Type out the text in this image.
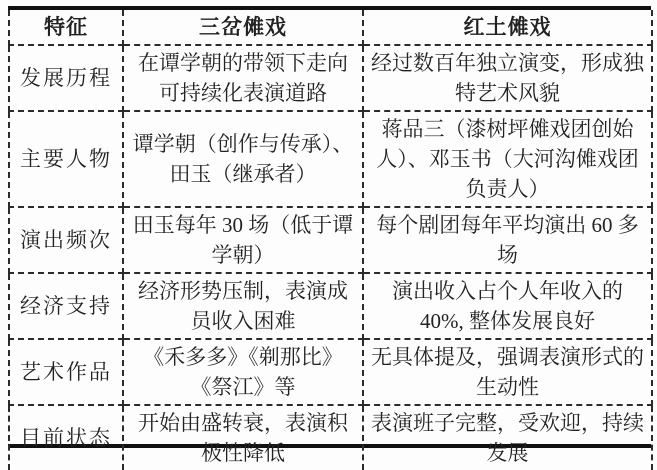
特征	三岔傩戏	红土傩戏
发展历程	在谭学朝的带领下走向可持续化表演道路	经过数百年独立演变，形成独特艺术风貌
主要人物	谭学朝（创作与传承）、田玉（继承者）	蒋品三（漆树坪傩戏团创始人）、邓玉书（大河沟傩戏团负责人）
演出频次	田玉每年 30 场（低于谭学朝）	每个剧团每年平均演出 60 多场
经济支持	经济形势压制，表演成员收入困难	演出收入占个人年收入的 40%, 整体发展良好
艺术作品	《禾多多》《剃那比》《祭江》等	无具体提及，强调表演形式的生动性
目前状态	开始由盛转衰，表演积极性降低	表演班子完整，受欢迎，持续发展
